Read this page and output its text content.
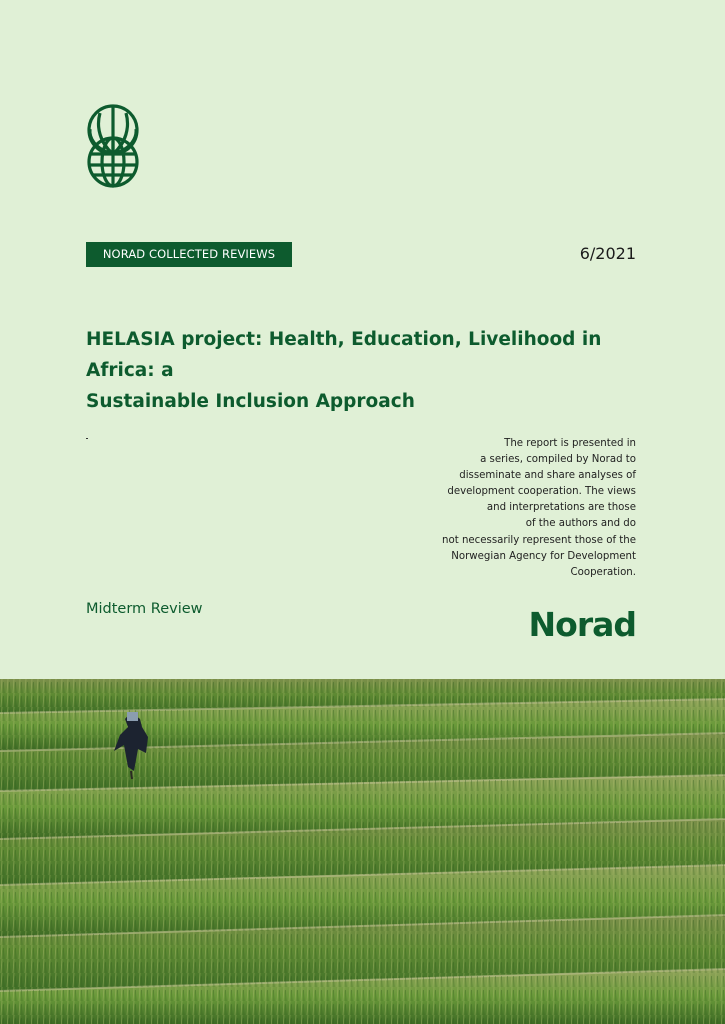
NORAD COLLECTED REVIEWS	6/2021
HELASIA project: Health, Education, Livelihood in Africa: a
Sustainable Inclusion Approach
The report is presented in
a series, compiled by Norad to
disseminate and share analyses of
development cooperation. The views
and interpretations are those
of the authors and do
not necessarily represent those of the
Norwegian Agency for Development
Cooperation.
Midterm Review	Norad
